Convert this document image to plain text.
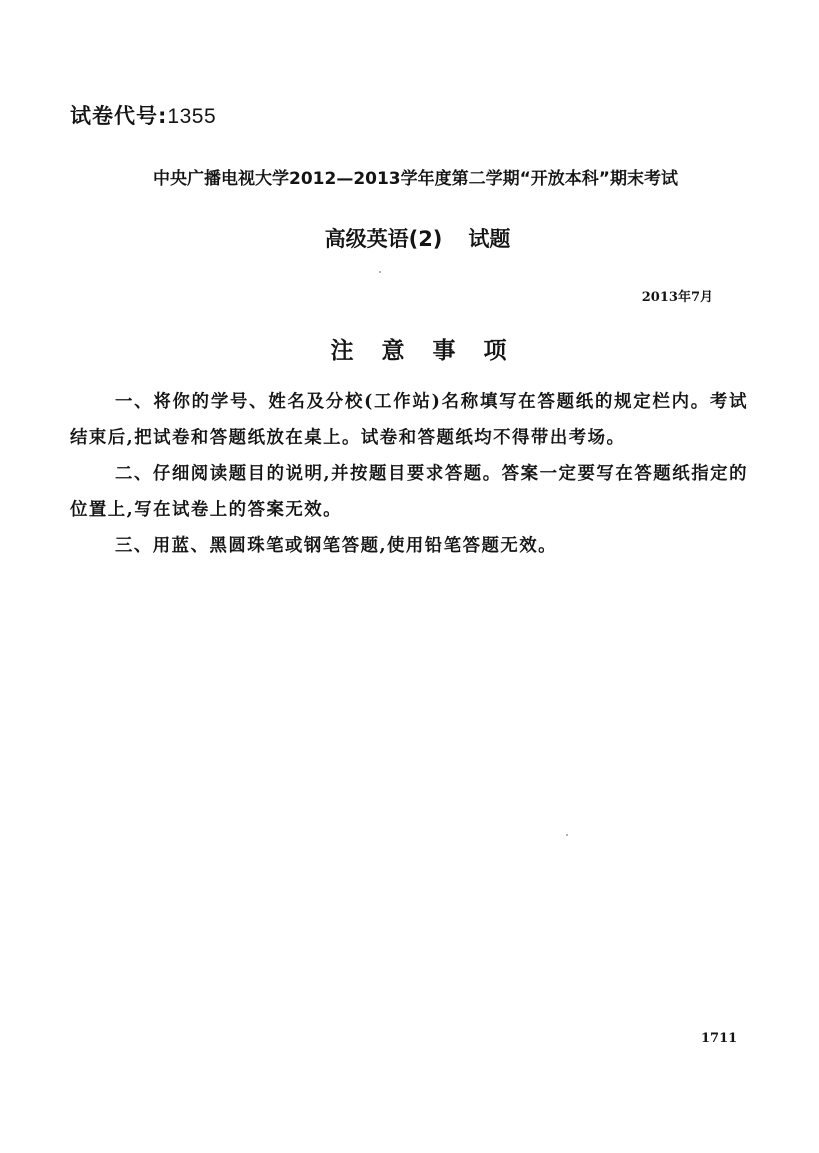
试卷代号:1355
中央广播电视大学2012—2013学年度第二学期“开放本科”期末考试
高级英语(2) 试题
2013年7月
注意事项

一、将你的学号、姓名及分校(工作站)名称填写在答题纸的规定栏内。考试结束后,把试卷和答题纸放在桌上。试卷和答题纸均不得带出考场。

二、仔细阅读题目的说明,并按题目要求答题。答案一定要写在答题纸指定的位置上,写在试卷上的答案无效。

三、用蓝、黑圆珠笔或钢笔答题,使用铅笔答题无效。

1711
